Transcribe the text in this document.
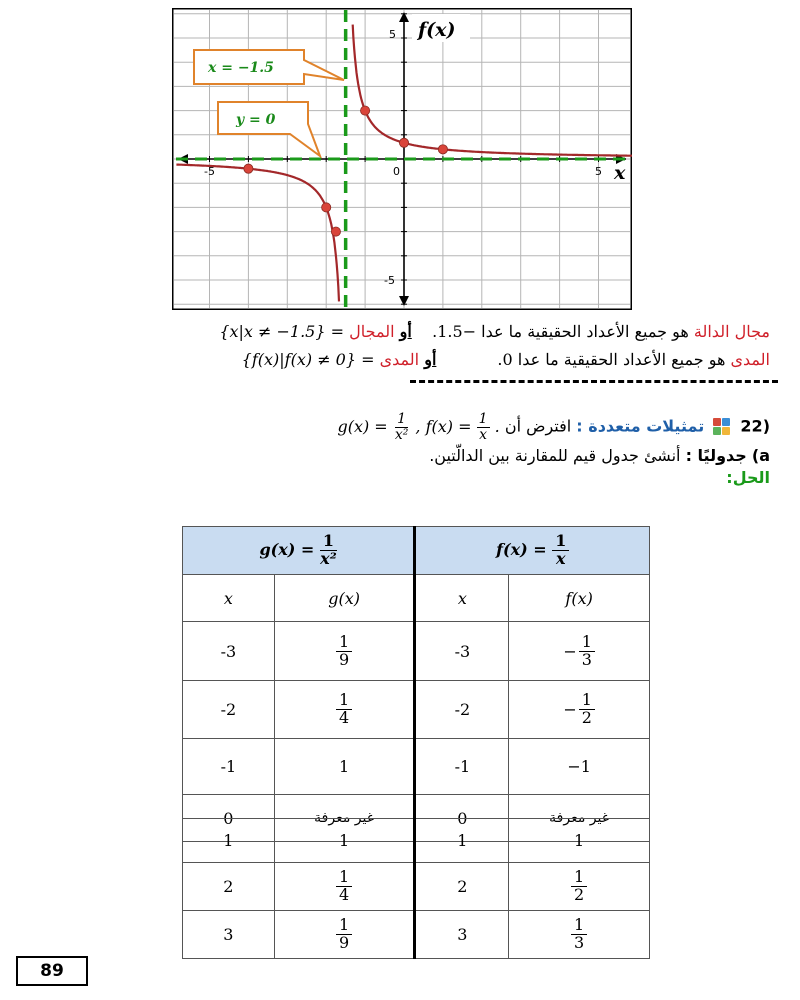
-5	0	5
5
-5
f(x)
x
x = −1.5
y = 0
مجال الدالة هو جميع الأعداد الحقيقية ما عدا −1.5.    أو المجال {x|x ≠ −1.5} =
المدى هو جميع الأعداد الحقيقية ما عدا 0.            أو المدى {f(x)|f(x) ≠ 0} =
(22
تمثيلات متعددة : افترض أن $g(x) = \frac{1}{\text{x²}}$ , $f(x) = \frac{1}{x}$ .
a) جدوليًا : أنشئ جدول قيم للمقارنة بين الدالّتين.
الحل:
$g(x) = \frac{1}{\text{x²}}$		$f(x) = \frac{1}{x}$

x	g(x)	x	f(x)
-3	$\frac{1}{9}$	-3	− $\frac{1}{3}$

-2	$\frac{1}{4}$	-2	− $\frac{1}{2}$

-1	1	-1	−1
0	غير معرفة	0	غير معرفة
1	1	1	1
2	$\frac{1}{4}$	2	$\frac{1}{2}$

3	$\frac{1}{9}$	3	$\frac{1}{3}$
89
